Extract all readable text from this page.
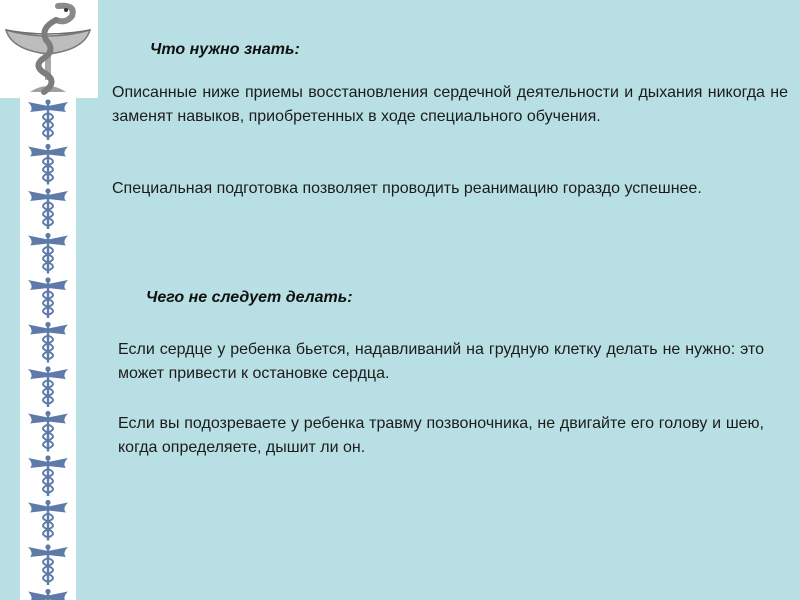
Что нужно знать:

Описанные ниже приемы восстановления сердечной деятельности и дыхания никогда не заменят навыков, приобретенных в ходе специального обучения.

Специальная подготовка позволяет проводить реанимацию гораздо успешнее.

Чего не следует делать:

Если сердце у ребенка бьется, надавливаний на грудную клетку делать не нужно: это может привести к остановке сердца.

Если вы подозреваете у ребенка травму позвоночника, не двигайте его голову и шею, когда определяете, дышит ли он.
